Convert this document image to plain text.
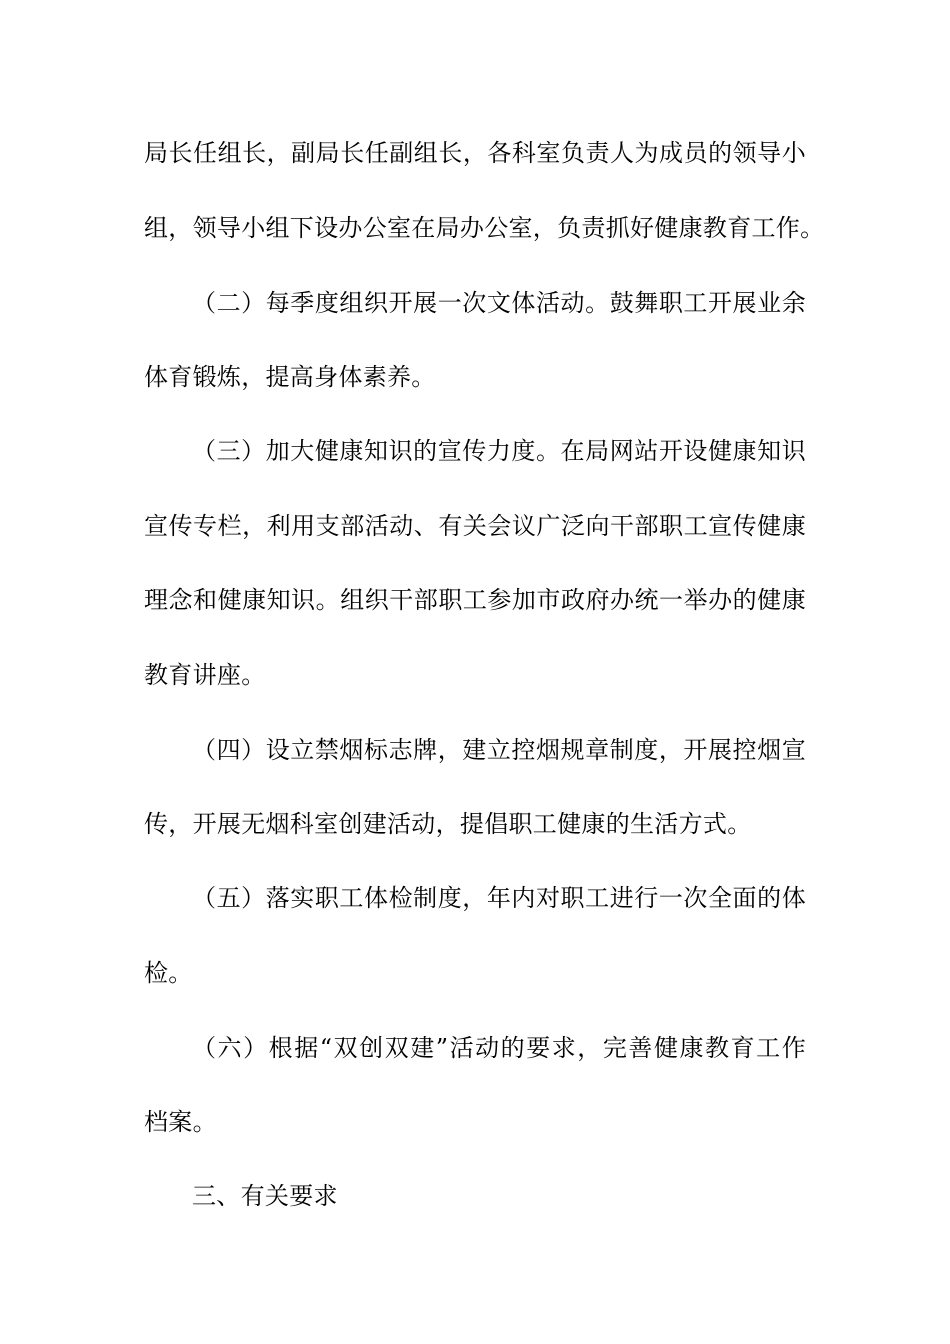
局长任组长，副局长任副组长，各科室负责人为成员的领导小
组，领导小组下设办公室在局办公室，负责抓好健康教育工作。
（二）每季度组织开展一次文体活动。鼓舞职工开展业余
体育锻炼，提高身体素养。
（三）加大健康知识的宣传力度。在局网站开设健康知识
宣传专栏，利用支部活动、有关会议广泛向干部职工宣传健康
理念和健康知识。组织干部职工参加市政府办统一举办的健康
教育讲座。
（四）设立禁烟标志牌，建立控烟规章制度，开展控烟宣
传，开展无烟科室创建活动，提倡职工健康的生活方式。
（五）落实职工体检制度，年内对职工进行一次全面的体
检。
（六）根据“双创双建”活动的要求，完善健康教育工作
档案。
三、有关要求
